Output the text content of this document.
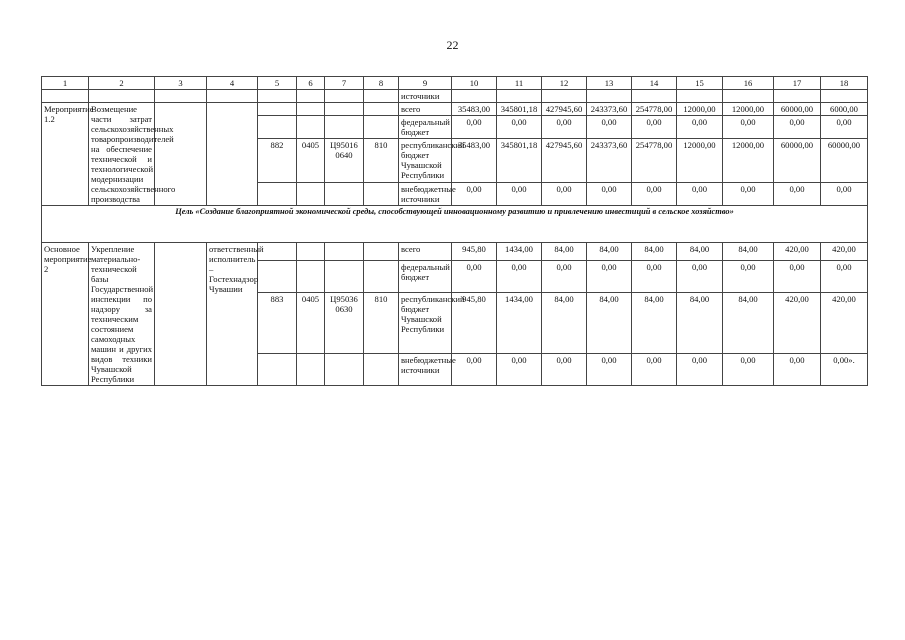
22
1	2	3	4	5	6	7	8	9	10	11	12	13	14	15	16	17	18
								источники									
Мероприятие 1.2	Возмещение части затрат сельскохозяйственных товаропроизводителей на обеспечение технической и технологической модернизации сельскохозяйственного производства							всего	35483,00	345801,18	427945,60	243373,60	254778,00	12000,00	12000,00	60000,00	6000,00
								федеральный бюджет	0,00	0,00	0,00	0,00	0,00	0,00	0,00	0,00	0,00
				882	0405	Ц95016 0640	810	республиканский бюджет Чувашской Республики	35483,00	345801,18	427945,60	243373,60	254778,00	12000,00	12000,00	60000,00	60000,00
								внебюджетные источники	0,00	0,00	0,00	0,00	0,00	0,00	0,00	0,00	0,00
Цель «Создание благоприятной экономической среды, способствующей инновационному развитию и привлечению инвестиций в сельское хозяйство»																	
Основное мероприятие 2	Укрепление материально-технической базы Государственной инспекции по надзору за техническим состоянием самоходных машин и других видов техники Чувашской Республики		ответственный исполнитель – Гостехнадзор Чувашии					всего	945,80	1434,00	84,00	84,00	84,00	84,00	84,00	420,00	420,00
								федеральный бюджет	0,00	0,00	0,00	0,00	0,00	0,00	0,00	0,00	0,00
				883	0405	Ц95036 0630	810	республиканский бюджет Чувашской Республики	945,80	1434,00	84,00	84,00	84,00	84,00	84,00	420,00	420,00
								внебюджетные источники	0,00	0,00	0,00	0,00	0,00	0,00	0,00	0,00	0,00».
